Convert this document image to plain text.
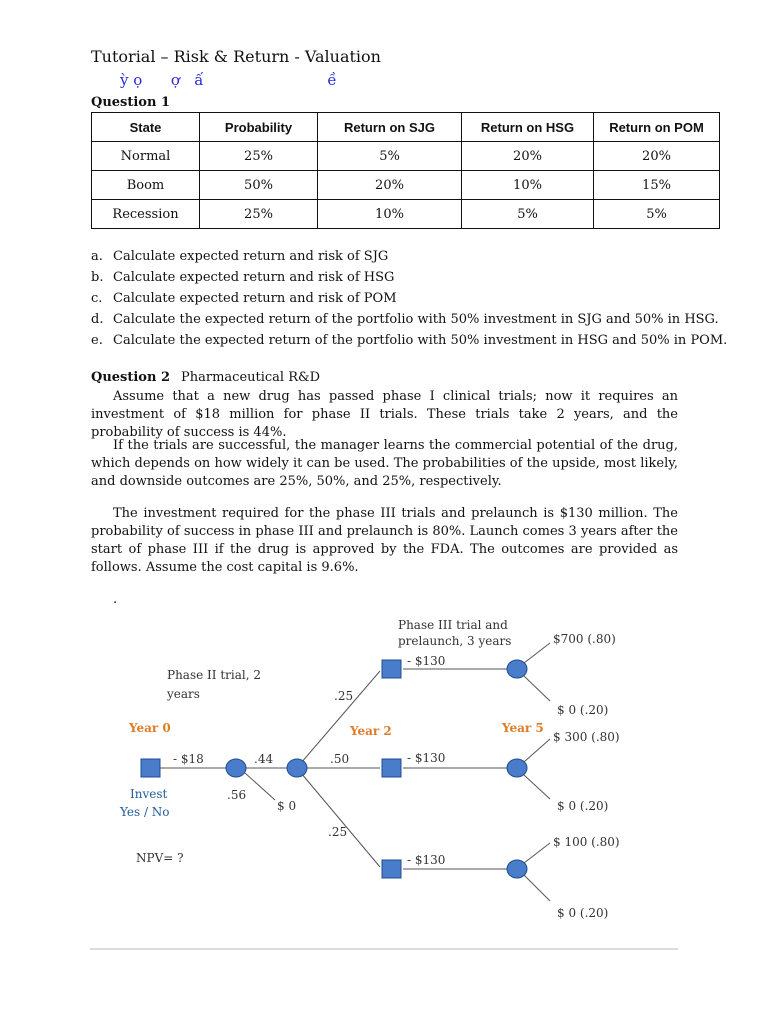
Tutorial – Risk & Return - Valuation
ỳ ọ      ợ   ấ                          ề
Question 1
State	Probability	Return on SJG	Return on HSG	Return on POM
Normal	25%	5%	20%	20%
Boom	50%	20%	10%	15%
Recession	25%	10%	5%	5%
a. Calculate expected return and risk of SJG
b. Calculate expected return and risk of HSG
c. Calculate expected return and risk of POM
d. Calculate the expected return of the portfolio with 50% investment in SJG and 50% in HSG.
e. Calculate the expected return of the portfolio with 50% investment in HSG and 50% in POM.
Question 2 Pharmaceutical R&D
Assume that a new drug has passed phase I clinical trials; now it requires an investment of $18 million for phase II trials. These trials take 2 years, and the probability of success is 44%.
If the trials are successful, the manager learns the commercial potential of the drug, which depends on how widely it can be used. The probabilities of the upside, most likely, and downside outcomes are 25%, 50%, and 25%, respectively.
The investment required for the phase III trials and prelaunch is $130 million. The probability of success in phase III and prelaunch is 80%. Launch comes 3 years after the start of phase III if the drug is approved by the FDA. The outcomes are provided as follows. Assume the cost capital is 9.6%.
.
Phase II trial, 2
years
Phase III trial and
prelaunch, 3 years
Year 0	Year 2	Year 5
- $18
Invest
Yes / No
NPV= ?
.44
.56
$ 0
.25
.50
.25
- $130
- $130
- $130
$700 (.80)
$ 0 (.20)
$ 300 (.80)
$ 0 (.20)
$ 100 (.80)
$ 0 (.20)
